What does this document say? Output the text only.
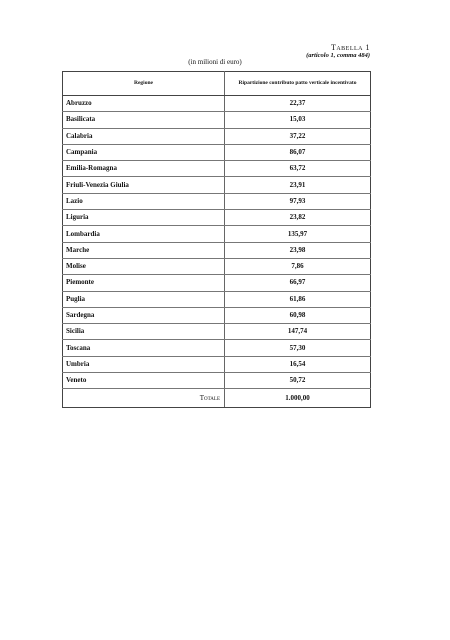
Tabella 1
(articolo 1, comma 484)
(in milioni di euro)
Regione	Ripartizione contributo patto verticale incentivato
Abruzzo	22,37
Basilicata	15,03
Calabria	37,22
Campania	86,07
Emilia-Romagna	63,72
Friuli-Venezia Giulia	23,91
Lazio	97,93
Liguria	23,82
Lombardia	135,97
Marche	23,98
Molise	7,86
Piemonte	66,97
Puglia	61,86
Sardegna	60,98
Sicilia	147,74
Toscana	57,30
Umbria	16,54
Veneto	50,72
Totale	1.000,00
